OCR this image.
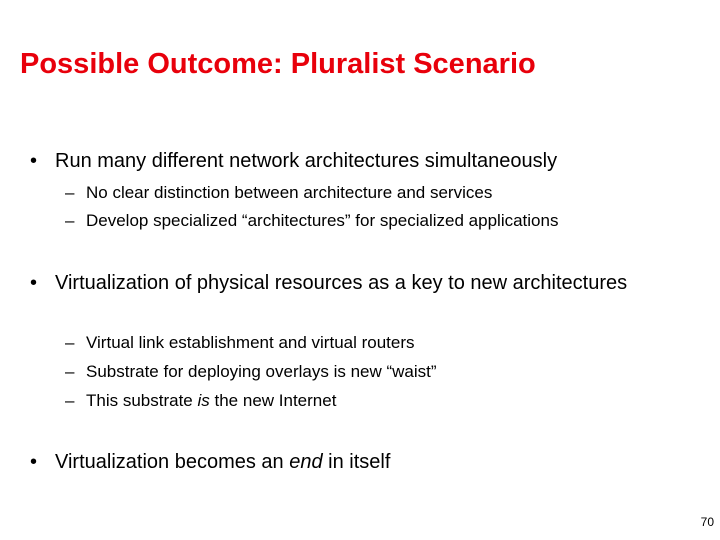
Possible Outcome: Pluralist Scenario
• Run many different network architectures simultaneously
– No clear distinction between architecture and services
– Develop specialized “architectures” for specialized applications
• Virtualization of physical resources as a key to new architectures
– Virtual link establishment and virtual routers
– Substrate for deploying overlays is new “waist”
– This substrate is the new Internet
• Virtualization becomes an end in itself
70
